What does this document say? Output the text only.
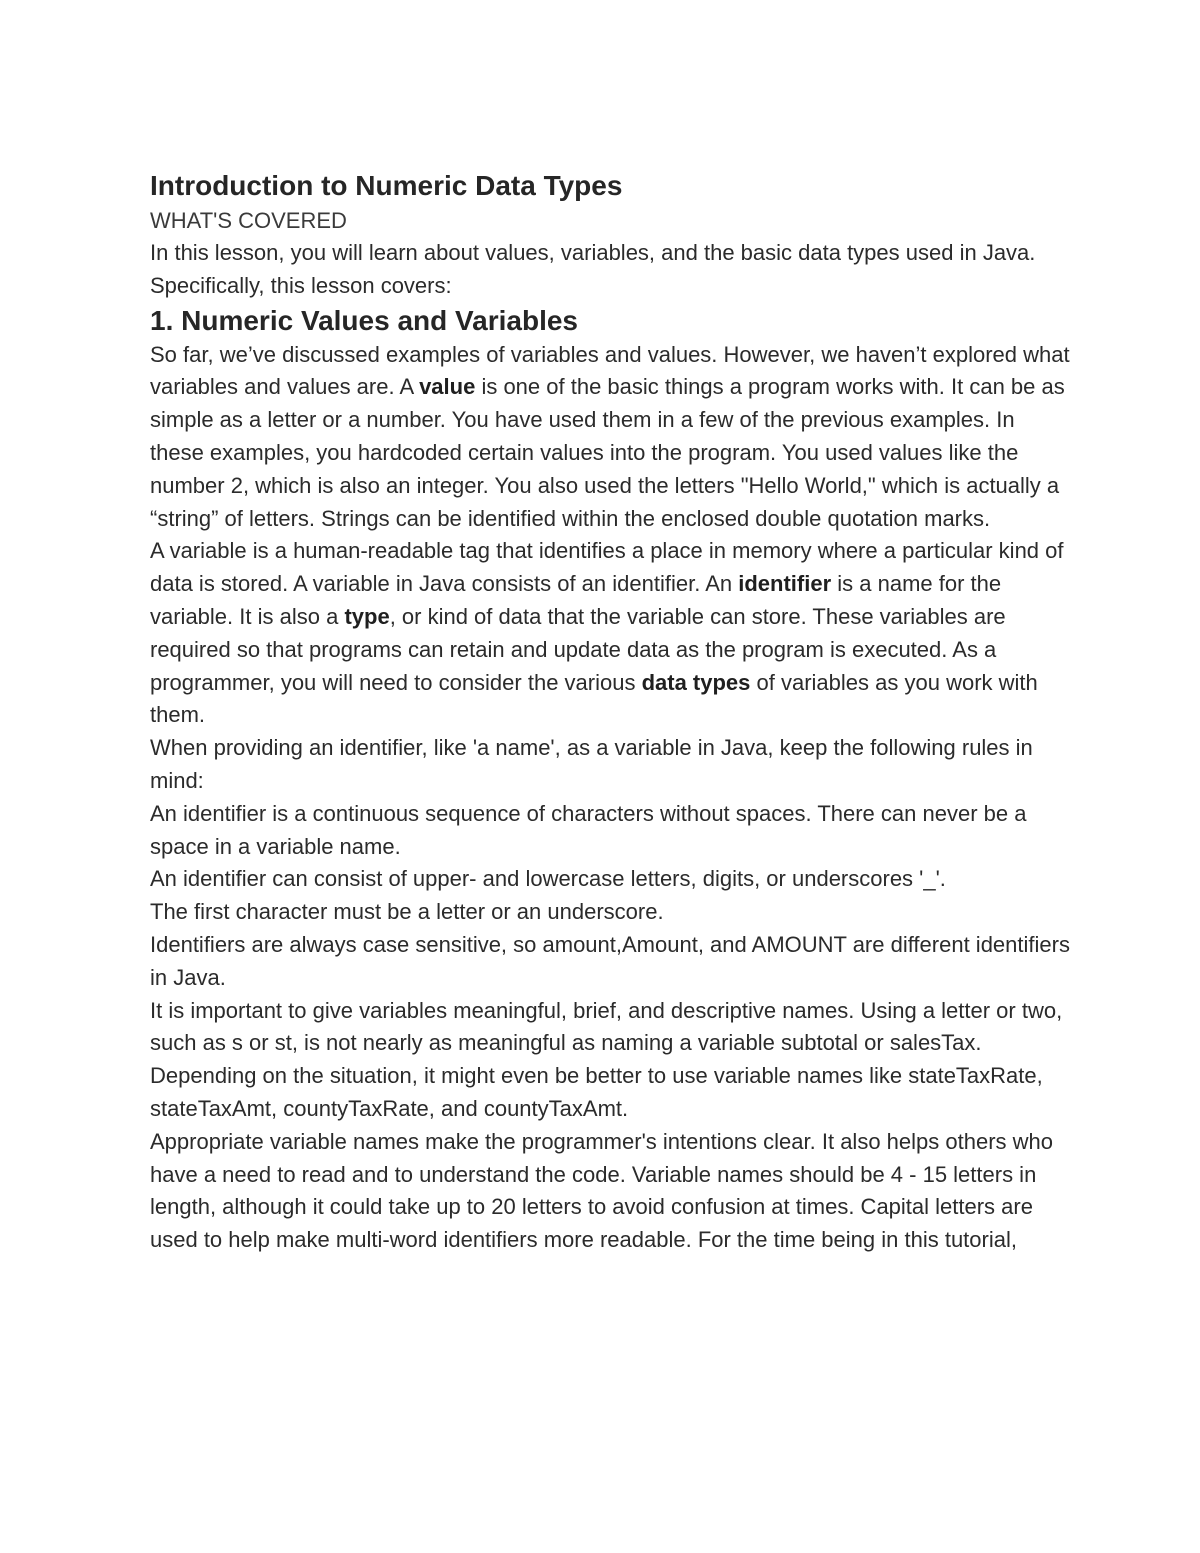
Introduction to Numeric Data Types
WHAT'S COVERED

In this lesson, you will learn about values, variables, and the basic data types used in Java. Specifically, this lesson covers:

1. Numeric Values and Variables

So far, we’ve discussed examples of variables and values. However, we haven’t explored what variables and values are. A value is one of the basic things a program works with. It can be as simple as a letter or a number. You have used them in a few of the previous examples. In these examples, you hardcoded certain values into the program. You used values like the number 2, which is also an integer. You also used the letters "Hello World," which is actually a “string” of letters. Strings can be identified within the enclosed double quotation marks.

A variable is a human-readable tag that identifies a place in memory where a particular kind of data is stored. A variable in Java consists of an identifier. An identifier is a name for the variable. It is also a type, or kind of data that the variable can store. These variables are required so that programs can retain and update data as the program is executed. As a programmer, you will need to consider the various data types of variables as you work with them.

When providing an identifier, like 'a name', as a variable in Java, keep the following rules in mind:

An identifier is a continuous sequence of characters without spaces. There can never be a space in a variable name.

An identifier can consist of upper- and lowercase letters, digits, or underscores '_'.

The first character must be a letter or an underscore.

Identifiers are always case sensitive, so amount,Amount, and AMOUNT are different identifiers in Java.

It is important to give variables meaningful, brief, and descriptive names. Using a letter or two, such as s or st, is not nearly as meaningful as naming a variable subtotal or salesTax. Depending on the situation, it might even be better to use variable names like stateTaxRate, stateTaxAmt, countyTaxRate, and countyTaxAmt.

Appropriate variable names make the programmer's intentions clear. It also helps others who have a need to read and to understand the code. Variable names should be 4 - 15 letters in length, although it could take up to 20 letters to avoid confusion at times. Capital letters are used to help make multi-word identifiers more readable. For the time being in this tutorial,
